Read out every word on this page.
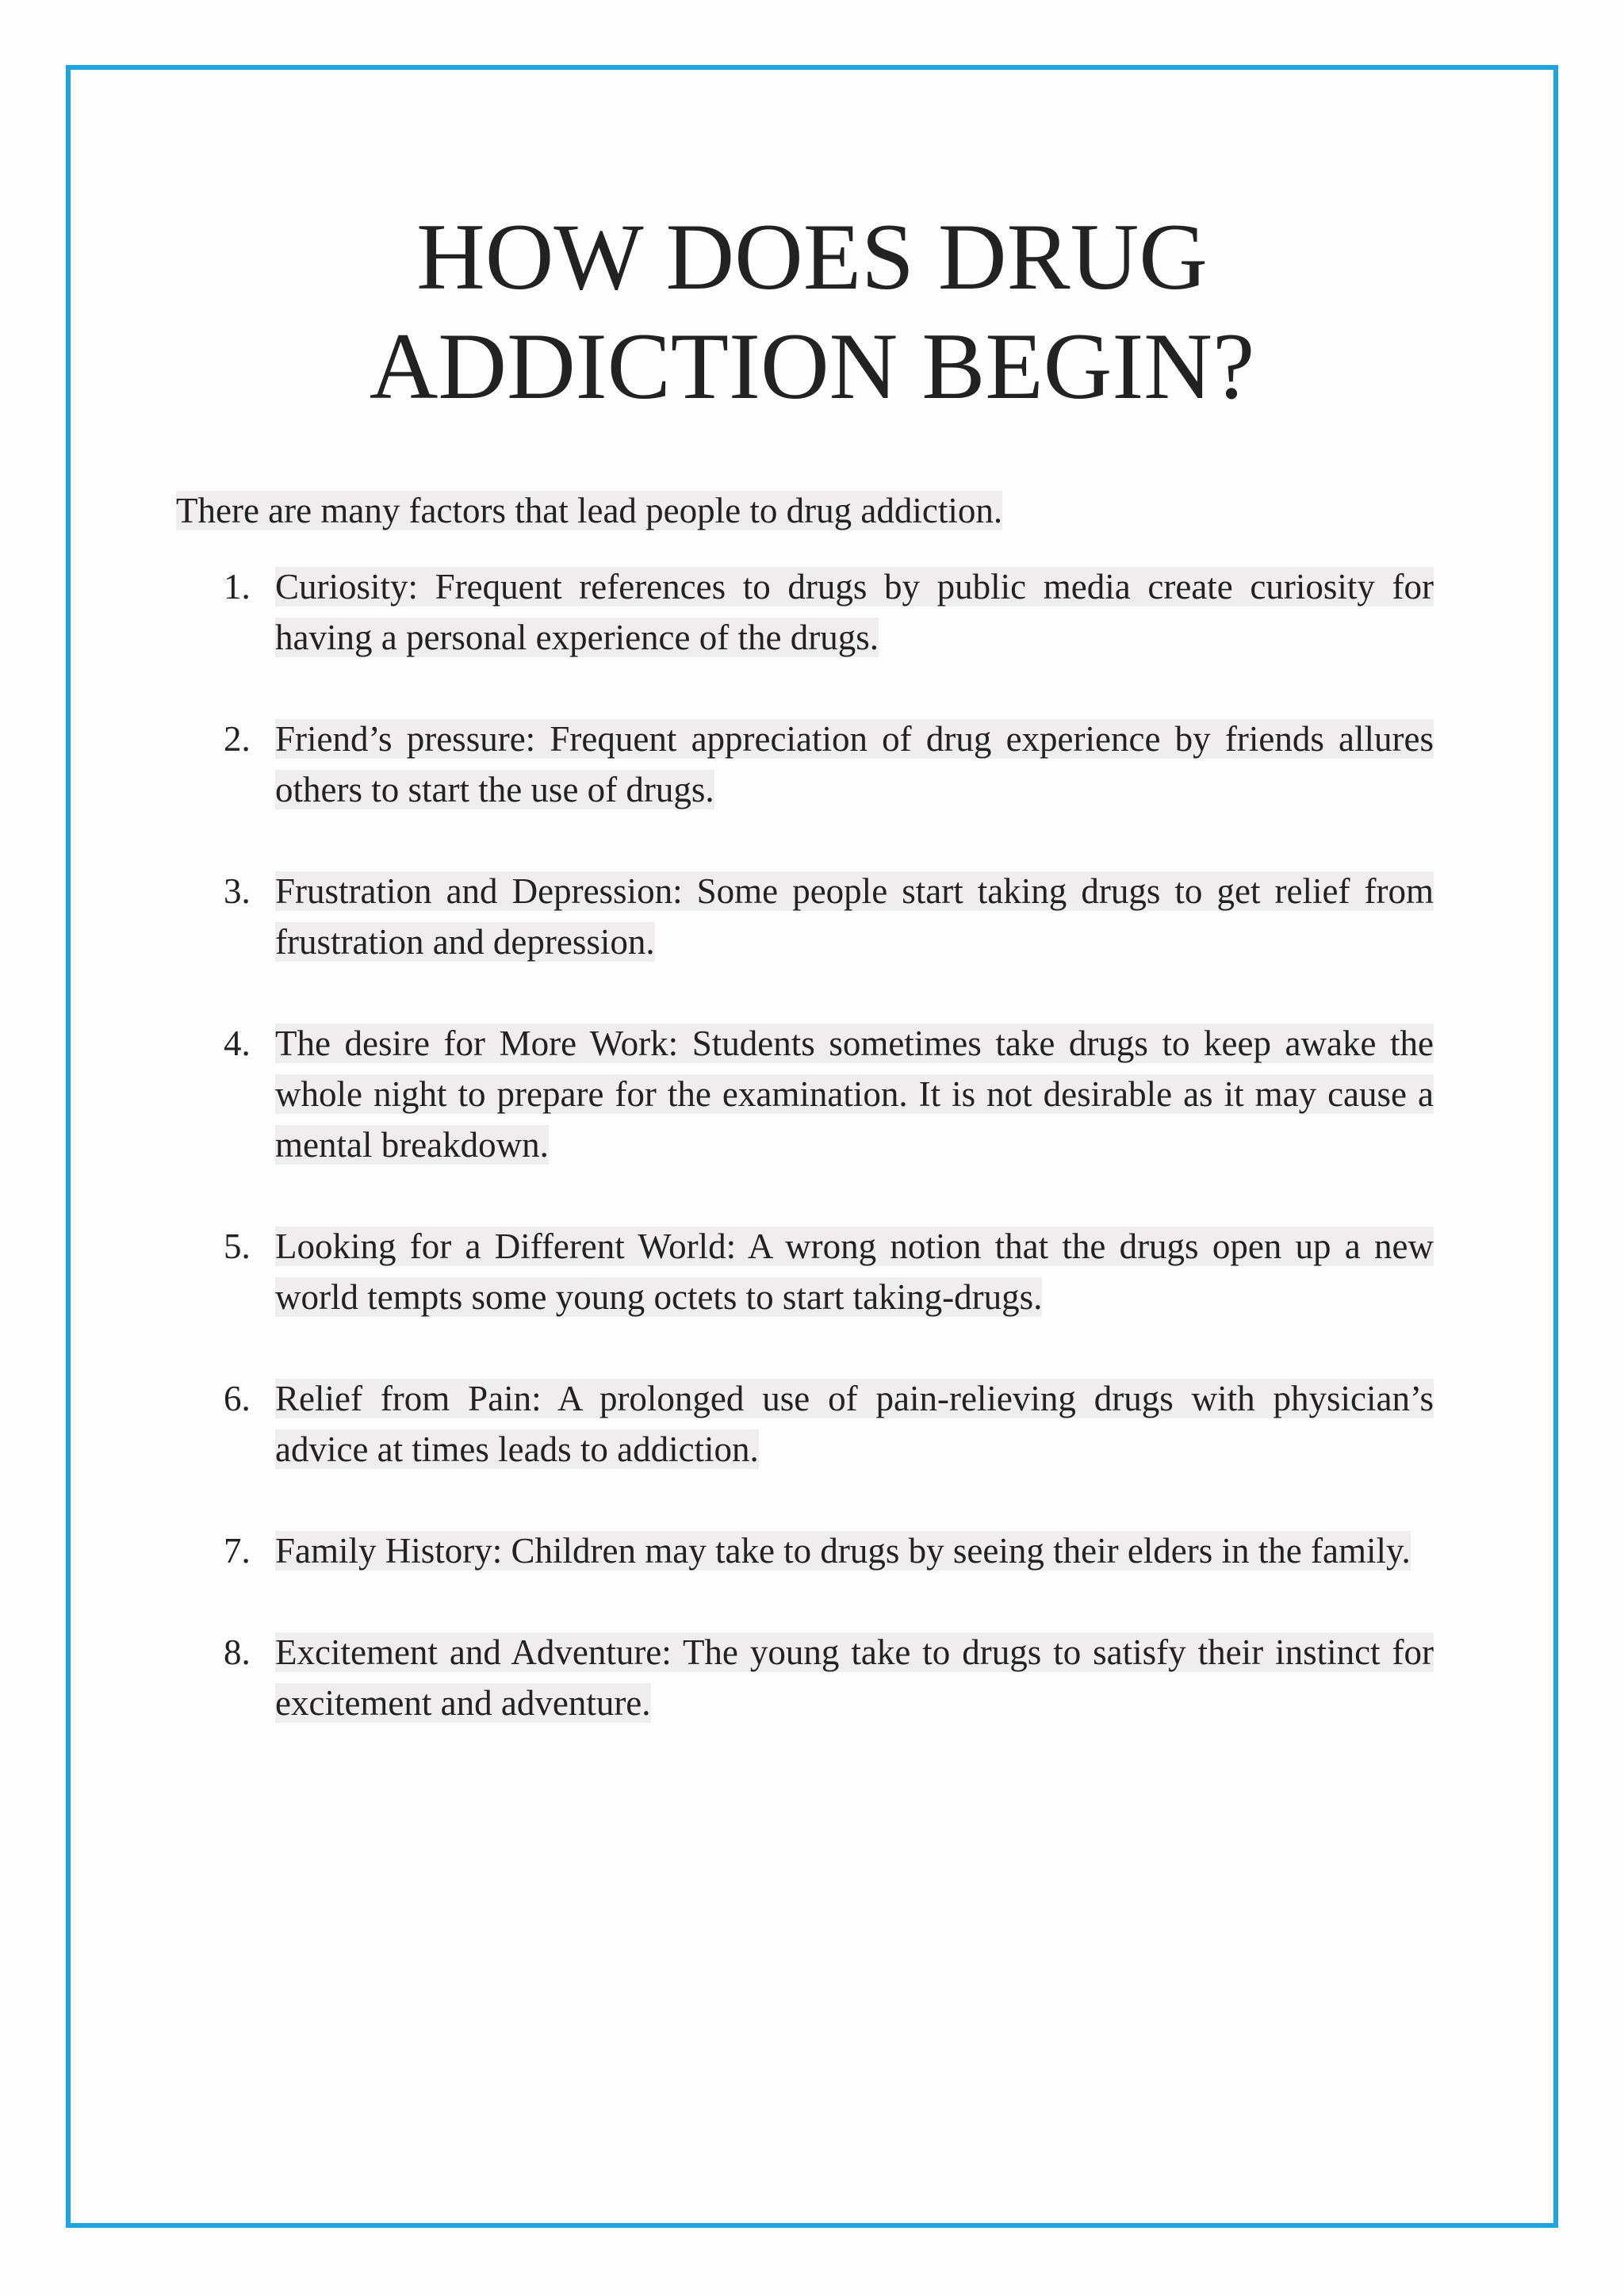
HOW DOES DRUG
ADDICTION BEGIN?

There are many factors that lead people to drug addiction.

1. Curiosity: Frequent references to drugs by public media create curiosity for having a personal experience of the drugs.
2. Friend’s pressure: Frequent appreciation of drug experience by friends allures others to start the use of drugs.
3. Frustration and Depression: Some people start taking drugs to get relief from frustration and depression.
4. The desire for More Work: Students sometimes take drugs to keep awake the whole night to prepare for the examination. It is not desirable as it may cause a mental breakdown.
5. Looking for a Different World: A wrong notion that the drugs open up a new world tempts some young octets to start taking-drugs.
6. Relief from Pain: A prolonged use of pain-relieving drugs with physician’s advice at times leads to addiction.
7. Family History: Children may take to drugs by seeing their elders in the family.
8. Excitement and Adventure: The young take to drugs to satisfy their instinct for excitement and adventure.
